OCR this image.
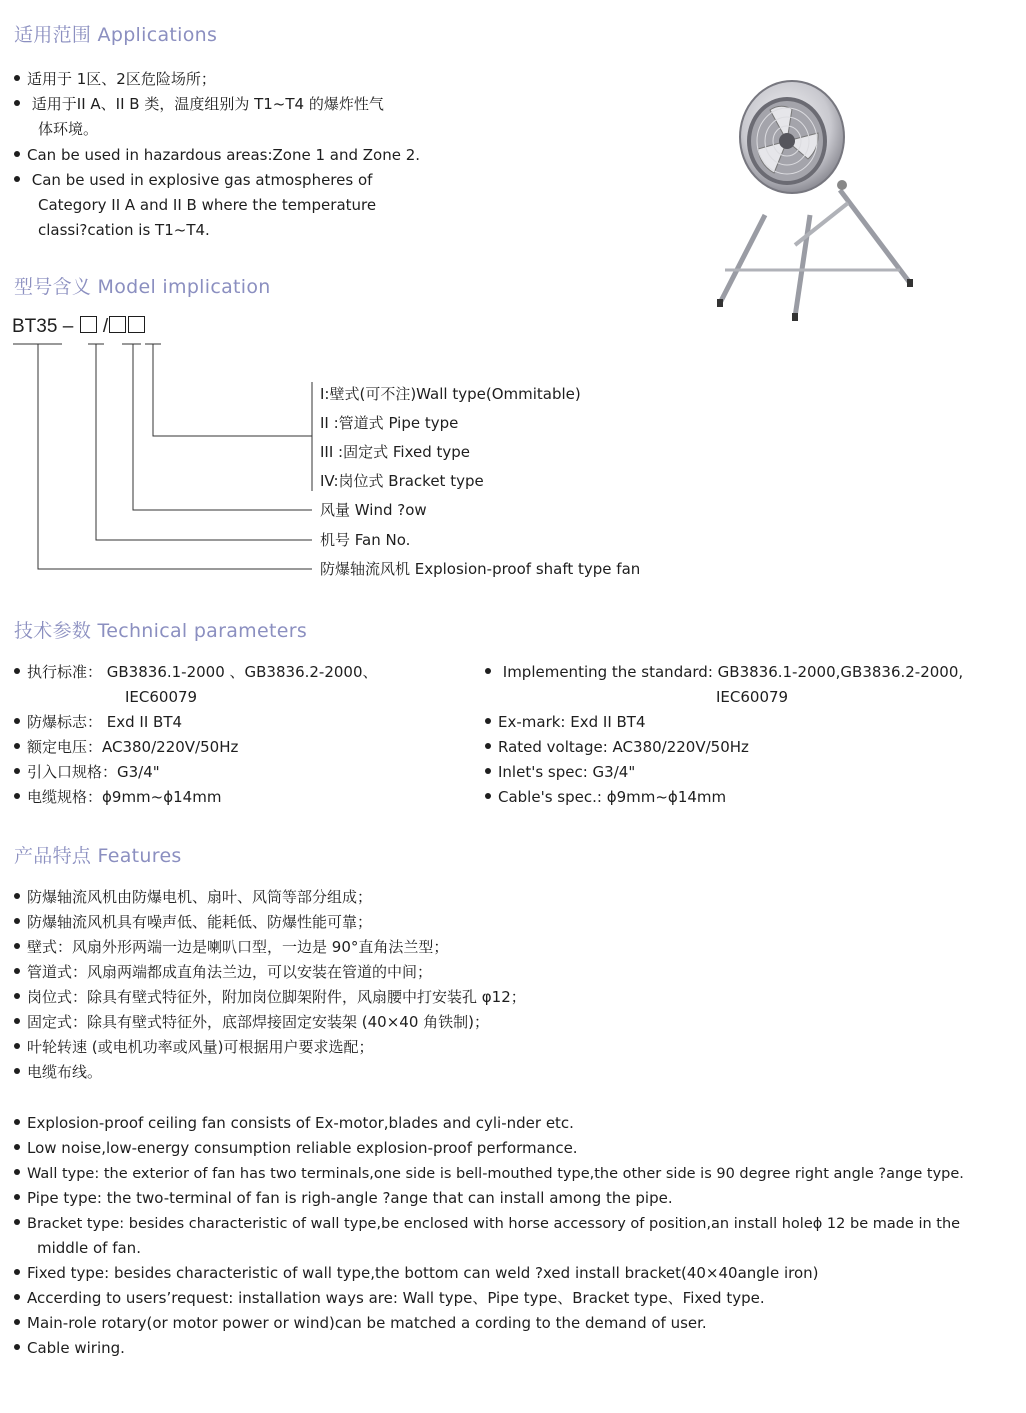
适用范围 Applications
适用于 1区、2区危险场所；
适用于II A、II B 类，温度组别为 T1~T4 的爆炸性气
体环境。
Can be used in hazardous areas:Zone 1 and Zone 2.
Can be used in explosive gas atmospheres of
Category II A and II B where the temperature
classi?cation is T1~T4.
型号含义 Model implication
BT35 – /
I:壁式(可不注)Wall type(Ommitable)
II :管道式 Pipe type
III :固定式 Fixed type
IV:岗位式 Bracket type
风量 Wind ?ow
机号 Fan No.
防爆轴流风机 Explosion-proof shaft type fan
技术参数 Technical parameters
执行标准： GB3836.1-2000 、GB3836.2-2000、
IEC60079
防爆标志： Exd II BT4
额定电压：AC380/220V/50Hz
引入口规格：G3/4"
电缆规格：ϕ9mm~ϕ14mm
Implementing the standard: GB3836.1-2000,GB3836.2-2000,
IEC60079
Ex-mark: Exd II BT4
Rated voltage: AC380/220V/50Hz
Inlet's spec: G3/4"
Cable's spec.: ϕ9mm~ϕ14mm
产品特点 Features
防爆轴流风机由防爆电机、扇叶、风筒等部分组成；
防爆轴流风机具有噪声低、能耗低、防爆性能可靠；
壁式：风扇外形两端一边是喇叭口型，一边是 90°直角法兰型；
管道式：风扇两端都成直角法兰边，可以安装在管道的中间；
岗位式：除具有壁式特征外，附加岗位脚架附件，风扇腰中打安装孔 φ12；
固定式：除具有壁式特征外，底部焊接固定安装架 (40×40 角铁制)；
叶轮转速 (或电机功率或风量)可根据用户要求选配；
电缆布线。
Explosion-proof ceiling fan consists of Ex-motor,blades and cyli-nder etc.
Low noise,low-energy consumption reliable explosion-proof performance.
Wall type: the exterior of fan has two terminals,one side is bell-mouthed type,the other side is 90 degree right angle ?ange type.
Pipe type: the two-terminal of fan is righ-angle ?ange that can install among the pipe.
Bracket type: besides characteristic of wall type,be enclosed with horse accessory of position,an install holeϕ 12 be made in the
middle of fan.
Fixed type: besides characteristic of wall type,the bottom can weld ?xed install bracket(40×40angle iron)
Accerding to users’request: installation ways are: Wall type、Pipe type、Bracket type、Fixed type.
Main-role rotary(or motor power or wind)can be matched a cording to the demand of user.
Cable wiring.
